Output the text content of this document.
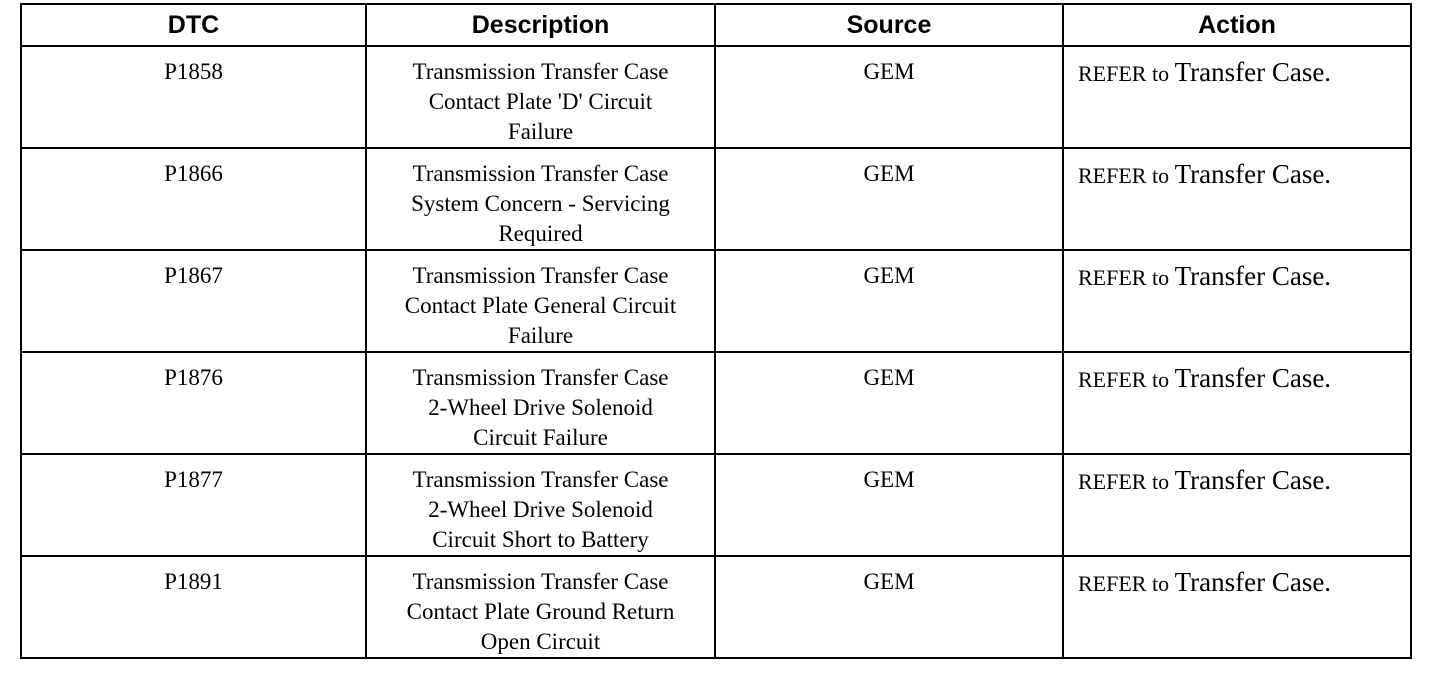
DTC	Description	Source	Action
P1858	Transmission Transfer Case
Contact Plate 'D' Circuit
Failure	GEM	REFER to Transfer Case.
P1866	Transmission Transfer Case
System Concern - Servicing
Required	GEM	REFER to Transfer Case.
P1867	Transmission Transfer Case
Contact Plate General Circuit
Failure	GEM	REFER to Transfer Case.
P1876	Transmission Transfer Case
2-Wheel Drive Solenoid
Circuit Failure	GEM	REFER to Transfer Case.
P1877	Transmission Transfer Case
2-Wheel Drive Solenoid
Circuit Short to Battery	GEM	REFER to Transfer Case.
P1891	Transmission Transfer Case
Contact Plate Ground Return
Open Circuit	GEM	REFER to Transfer Case.
